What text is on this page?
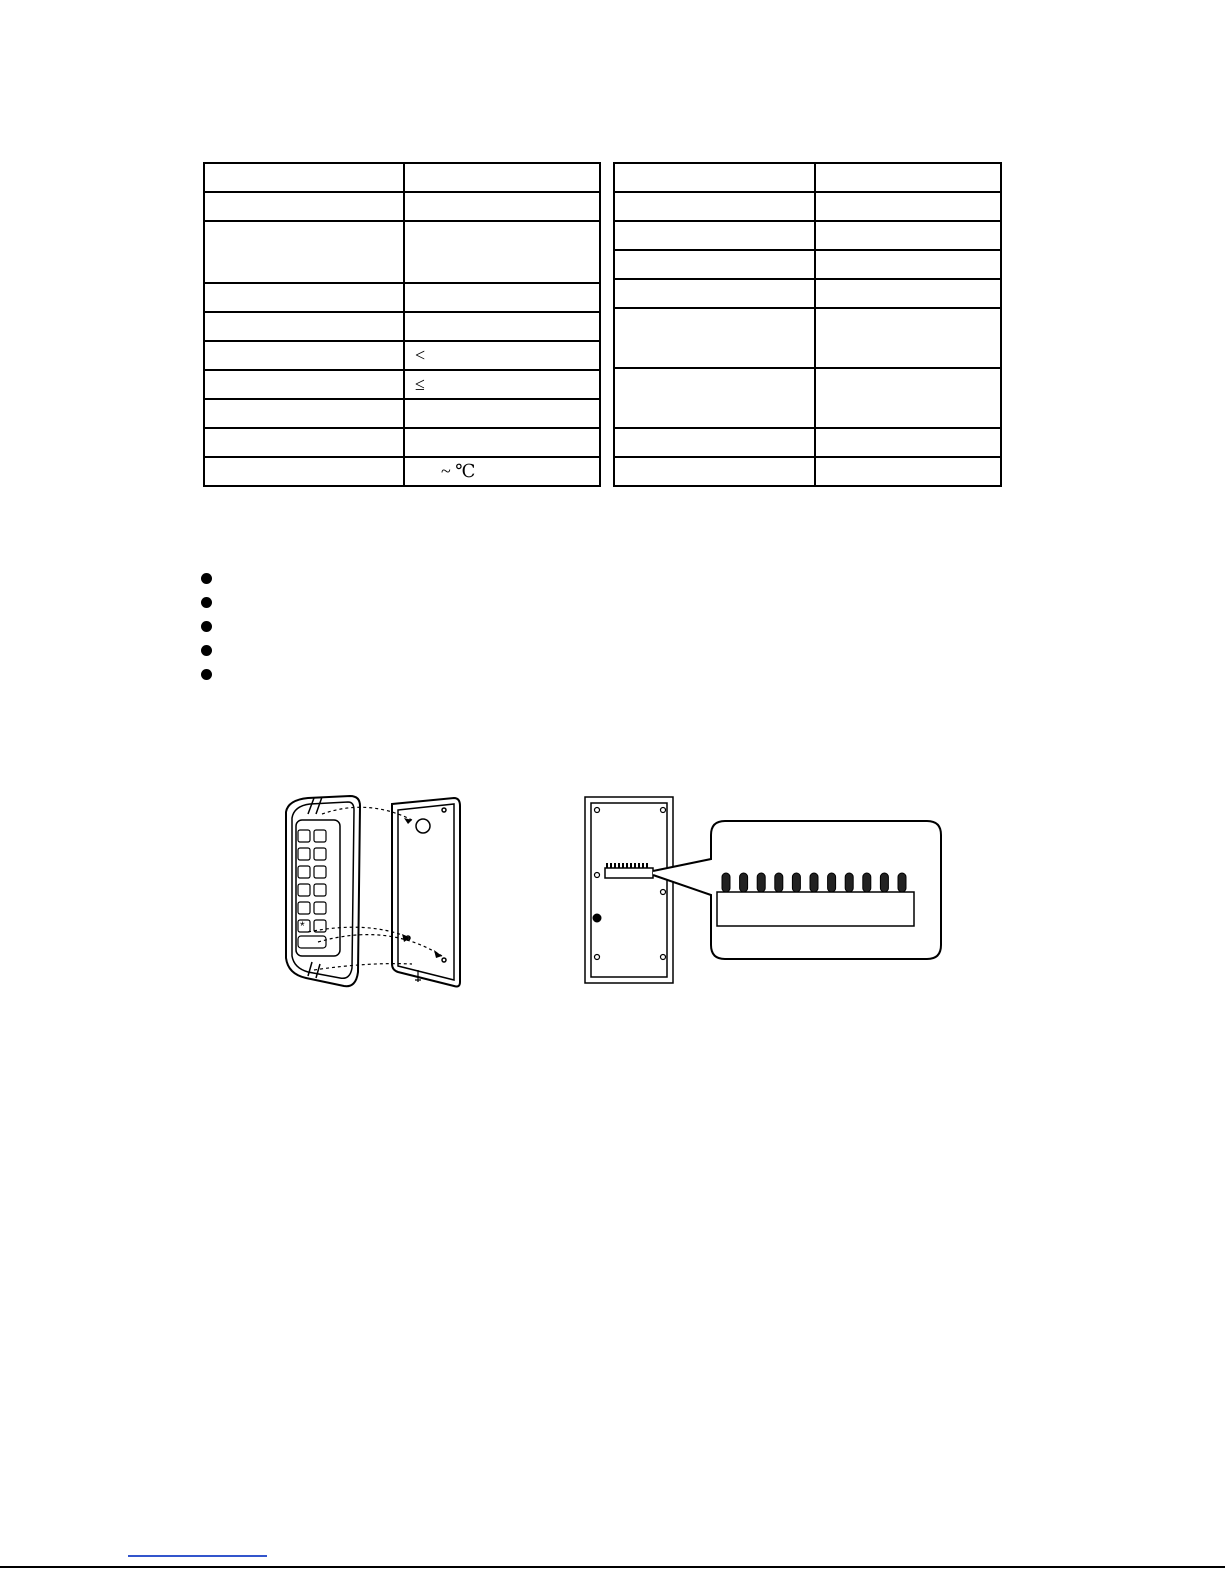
	<
	≤

	~ ℃

*
